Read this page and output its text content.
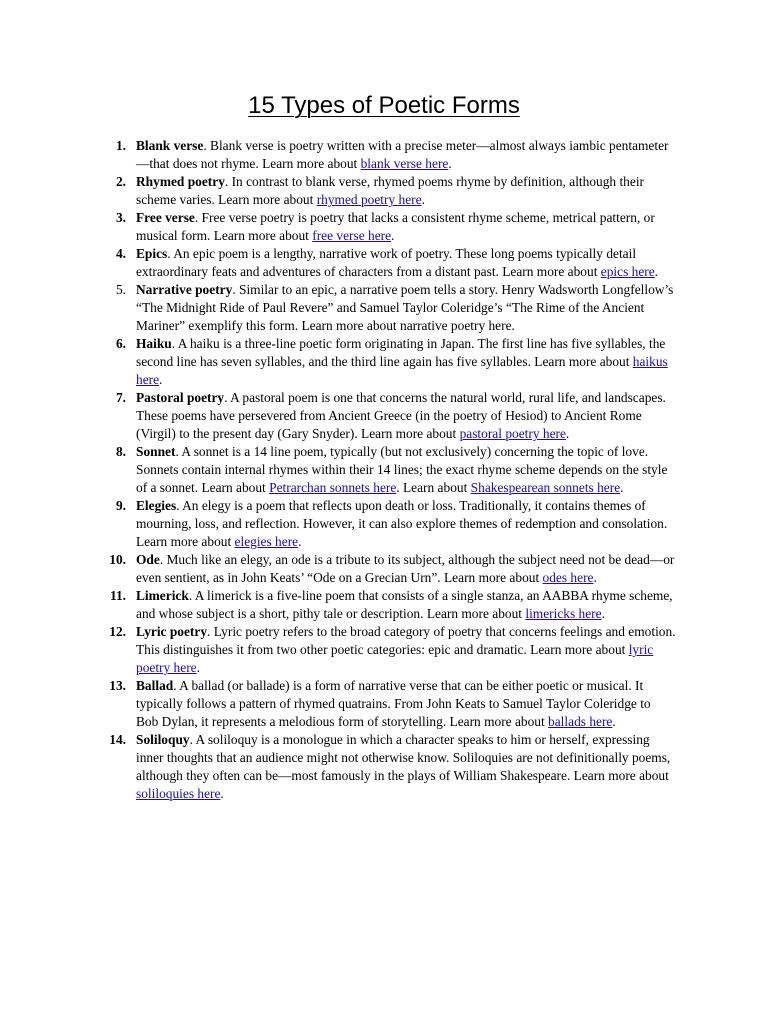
15 Types of Poetic Forms
1. Blank verse. Blank verse is poetry written with a precise meter—almost always iambic pentameter—that does not rhyme. Learn more about blank verse here.
2. Rhymed poetry. In contrast to blank verse, rhymed poems rhyme by definition, although their scheme varies. Learn more about rhymed poetry here.
3. Free verse. Free verse poetry is poetry that lacks a consistent rhyme scheme, metrical pattern, or musical form. Learn more about free verse here.
4. Epics. An epic poem is a lengthy, narrative work of poetry. These long poems typically detail extraordinary feats and adventures of characters from a distant past. Learn more about epics here.
5. Narrative poetry. Similar to an epic, a narrative poem tells a story. Henry Wadsworth Longfellow’s “The Midnight Ride of Paul Revere” and Samuel Taylor Coleridge’s “The Rime of the Ancient Mariner” exemplify this form. Learn more about narrative poetry here.
6. Haiku. A haiku is a three-line poetic form originating in Japan. The first line has five syllables, the second line has seven syllables, and the third line again has five syllables. Learn more about haikus here.
7. Pastoral poetry. A pastoral poem is one that concerns the natural world, rural life, and landscapes. These poems have persevered from Ancient Greece (in the poetry of Hesiod) to Ancient Rome (Virgil) to the present day (Gary Snyder). Learn more about pastoral poetry here.
8. Sonnet. A sonnet is a 14 line poem, typically (but not exclusively) concerning the topic of love. Sonnets contain internal rhymes within their 14 lines; the exact rhyme scheme depends on the style of a sonnet. Learn about Petrarchan sonnets here. Learn about Shakespearean sonnets here.
9. Elegies. An elegy is a poem that reflects upon death or loss. Traditionally, it contains themes of mourning, loss, and reflection. However, it can also explore themes of redemption and consolation. Learn more about elegies here.
10. Ode. Much like an elegy, an ode is a tribute to its subject, although the subject need not be dead—or even sentient, as in John Keats’ “Ode on a Grecian Urn”. Learn more about odes here.
11. Limerick. A limerick is a five-line poem that consists of a single stanza, an AABBA rhyme scheme, and whose subject is a short, pithy tale or description. Learn more about limericks here.
12. Lyric poetry. Lyric poetry refers to the broad category of poetry that concerns feelings and emotion. This distinguishes it from two other poetic categories: epic and dramatic. Learn more about lyric poetry here.
13. Ballad. A ballad (or ballade) is a form of narrative verse that can be either poetic or musical. It typically follows a pattern of rhymed quatrains. From John Keats to Samuel Taylor Coleridge to Bob Dylan, it represents a melodious form of storytelling. Learn more about ballads here.
14. Soliloquy. A soliloquy is a monologue in which a character speaks to him or herself, expressing inner thoughts that an audience might not otherwise know. Soliloquies are not definitionally poems, although they often can be—most famously in the plays of William Shakespeare. Learn more about soliloquies here.
